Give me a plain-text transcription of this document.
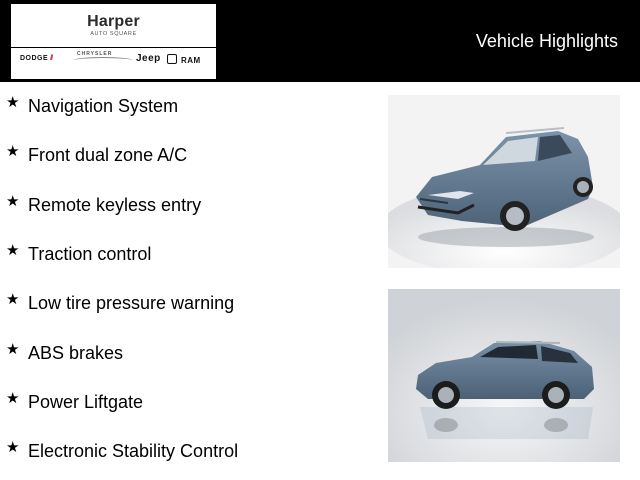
Harper
AUTO SQUARE
DODGE //
CHRYSLER Jeep	RAM
Vehicle Highlights
★ Navigation System
★ Front dual zone A/C
★ Remote keyless entry
★ Traction control
★ Low tire pressure warning
★ ABS brakes
★ Power Liftgate
★ Electronic Stability Control
